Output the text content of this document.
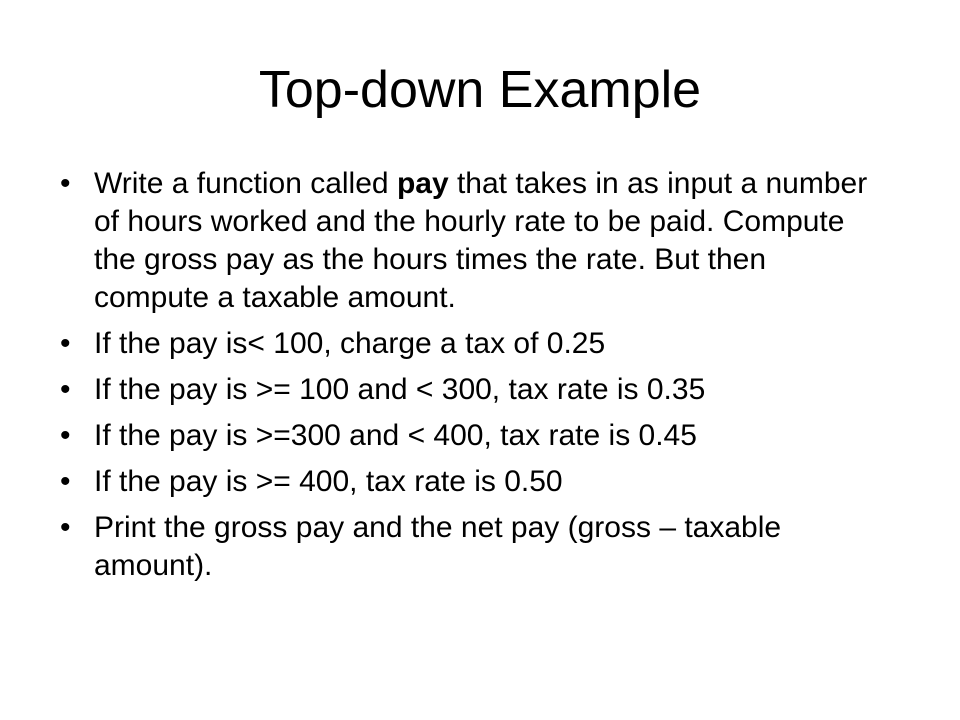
Top-down Example
• Write a function called pay that takes in as input a number of hours worked and the hourly rate to be paid. Compute the gross pay as the hours times the rate. But then compute a taxable amount.
• If the pay is< 100, charge a tax of 0.25
• If the pay is >= 100 and < 300, tax rate is 0.35
• If the pay is >=300 and < 400, tax rate is 0.45
• If the pay is >= 400, tax rate is 0.50
• Print the gross pay and the net pay (gross – taxable amount).
